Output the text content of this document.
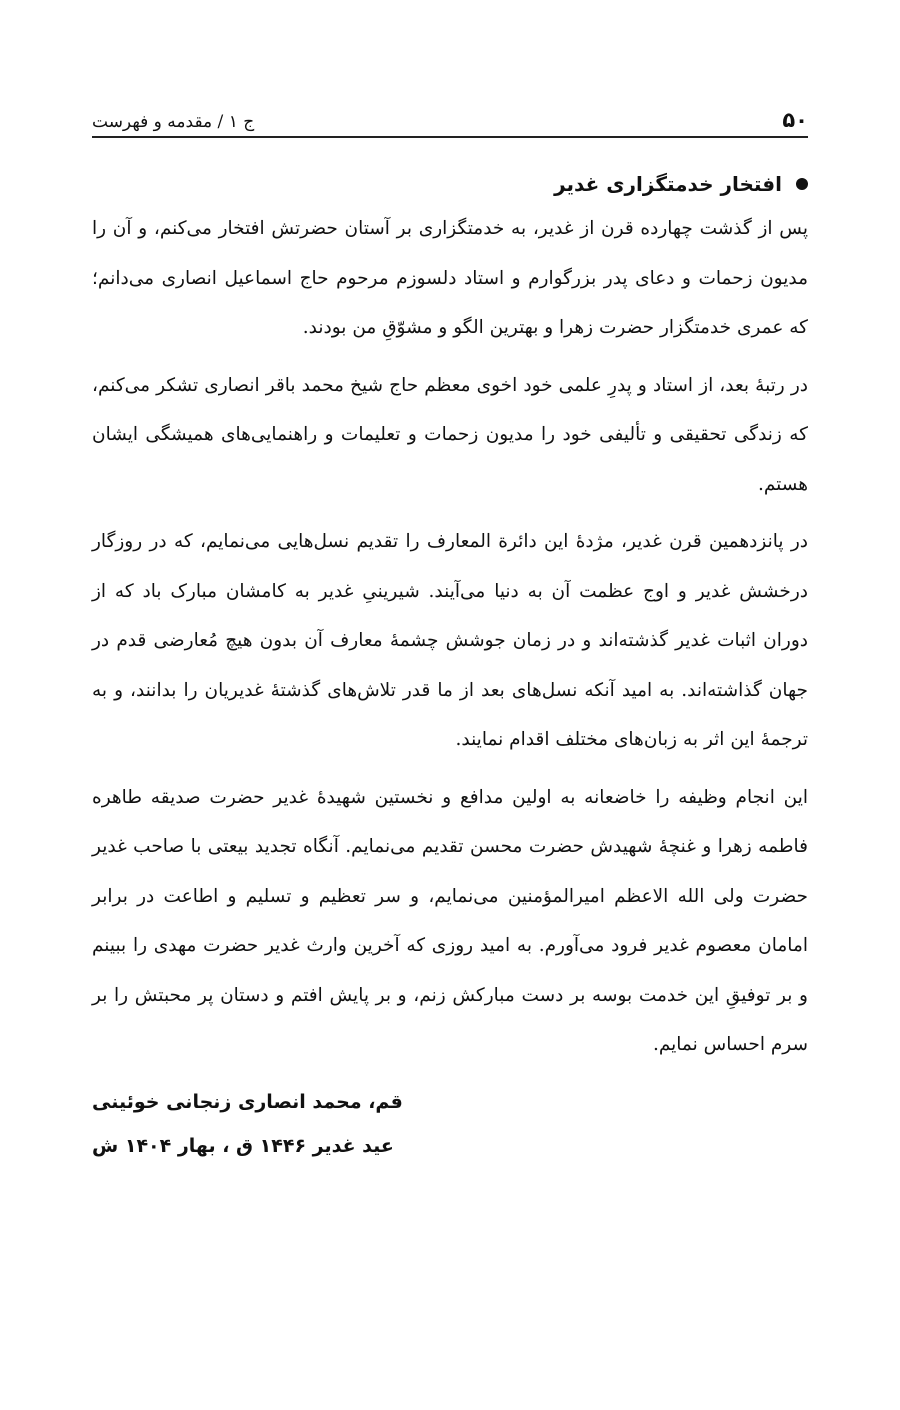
۵۰
ج ۱ / مقدمه و فهرست
افتخار خدمتگزاری غدیر

پس از گذشت چهارده قرن از غدیر، به خدمتگزاری بر آستان حضرتش افتخار می‌کنم، و آن را مدیون زحمات و دعای پدر بزرگوارم و استاد دلسوزم مرحوم حاج اسماعیل انصاری می‌دانم؛ که عمری خدمتگزار حضرت زهرا و بهترین الگو و مشوّقِ من بودند.

در رتبهٔ بعد، از استاد و پدرِ علمی خود اخوی معظم حاج شیخ محمد باقر انصاری تشکر می‌کنم، که زندگی تحقیقی و تألیفی خود را مدیون زحمات و تعلیمات و راهنمایی‌های همیشگی ایشان هستم.

در پانزدهمین قرن غدیر، مژدهٔ این دائرة المعارف را تقدیم نسل‌هایی می‌نمایم، که در روزگار درخشش غدیر و اوج عظمت آن به دنیا می‌آیند. شیرینیِ غدیر به کامشان مبارک باد که از دوران اثبات غدیر گذشته‌اند و در زمان جوشش چشمهٔ معارف آن بدون هیچ مُعارضی قدم در جهان گذاشته‌اند. به امید آنکه نسل‌های بعد از ما قدر تلاش‌های گذشتهٔ غدیریان را بدانند، و به ترجمهٔ این اثر به زبان‌های مختلف اقدام نمایند.

این انجام وظیفه را خاضعانه به اولین مدافع و نخستین شهیدهٔ غدیر حضرت صدیقه طاهره فاطمه زهرا و غنچهٔ شهیدش حضرت محسن تقدیم می‌نمایم. آنگاه تجدید بیعتی با صاحب غدیر حضرت ولی الله الاعظم امیرالمؤمنین می‌نمایم، و سر تعظیم و تسلیم و اطاعت در برابر امامان معصوم غدیر فرود می‌آورم. به امید روزی که آخرین وارث غدیر حضرت مهدی را ببینم و بر توفیقِ این خدمت بوسه بر دست مبارکش زنم، و بر پایش افتم و دستان پر محبتش را بر سرم احساس نمایم.

قم، محمد انصاری زنجانی خوئینی
عید غدیر ۱۴۴۶ ق ، بهار ۱۴۰۴ ش
